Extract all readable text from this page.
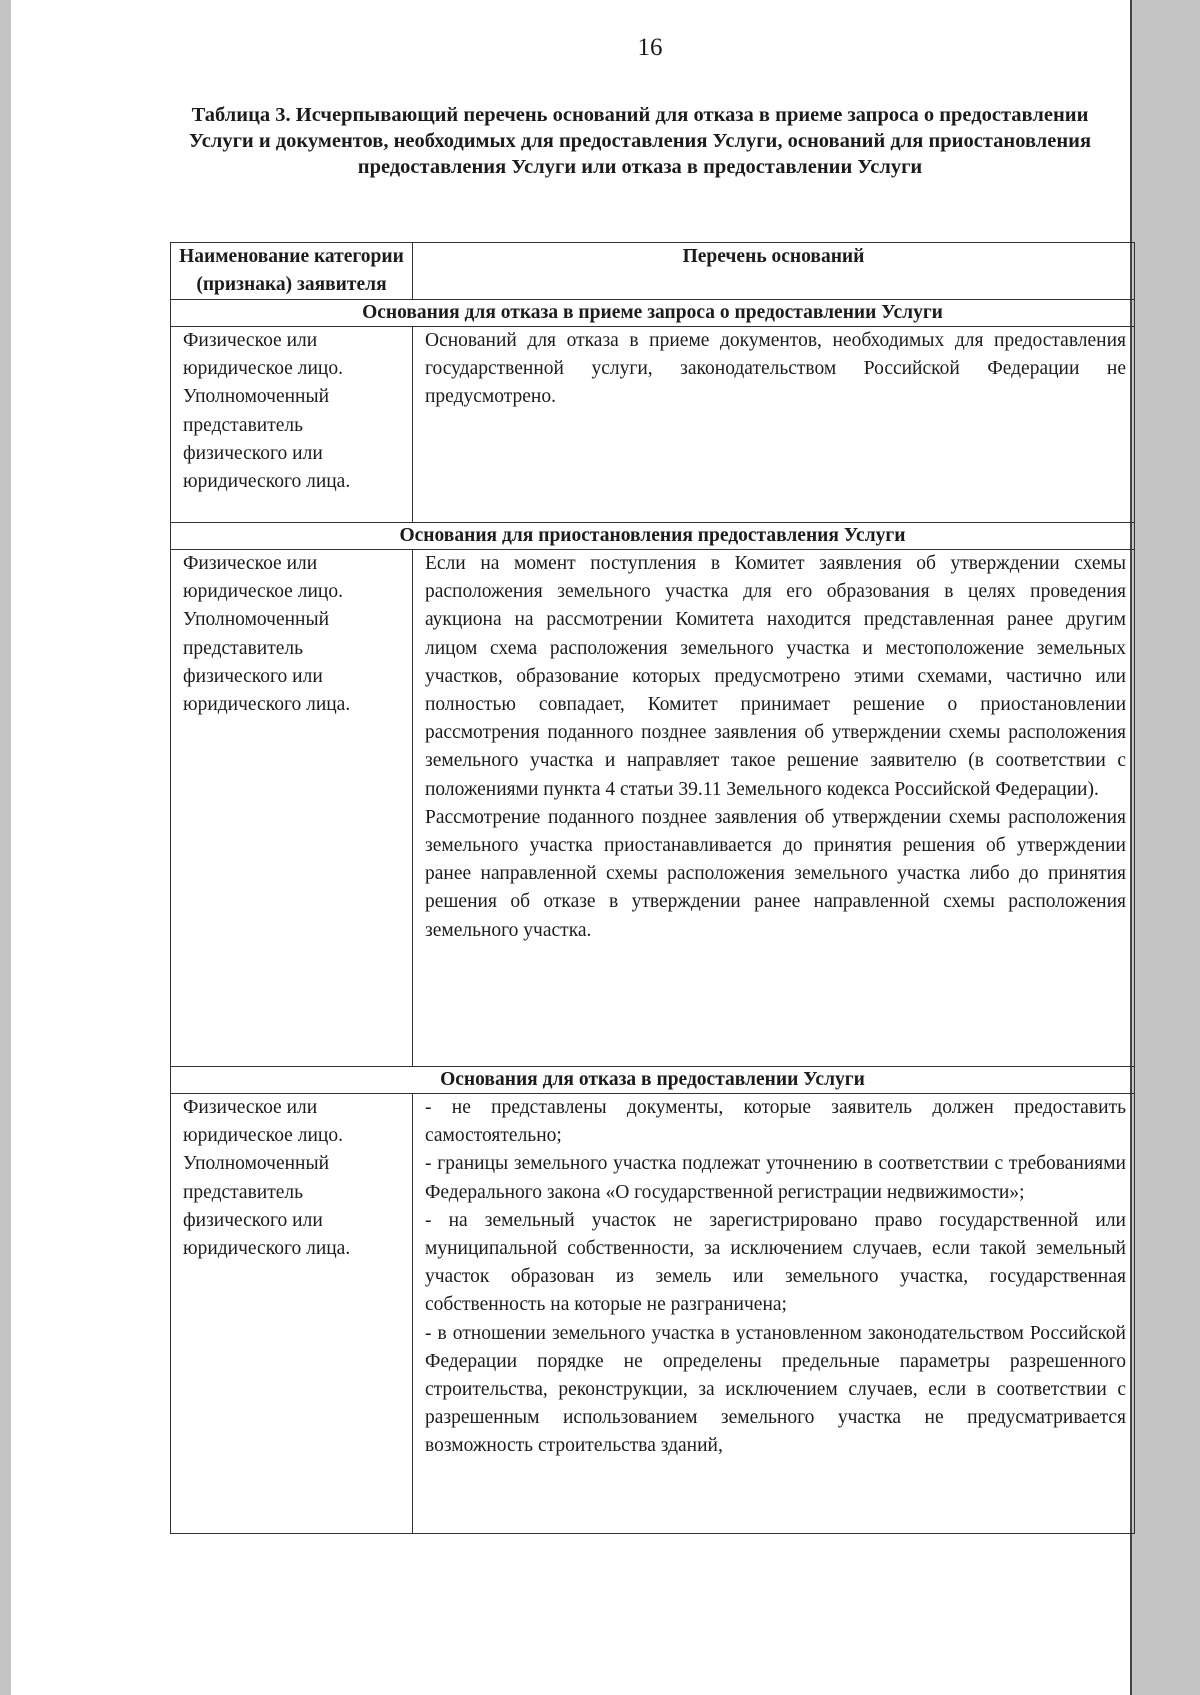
16
Таблица 3. Исчерпывающий перечень оснований для отказа в приеме запроса о предоставлении Услуги и документов, необходимых для предоставления Услуги, оснований для приостановления предоставления Услуги или отказа в предоставлении Услуги
Наименование категории (признака) заявителя	Перечень оснований
Основания для отказа в приеме запроса о предоставлении Услуги	
Физическое или юридическое лицо. Уполномоченный представитель физического или юридического лица.	Оснований для отказа в приеме документов, необходимых для предоставления государственной услуги, законодательством Российской Федерации не предусмотрено.

Основания для приостановления предоставления Услуги	
Физическое или юридическое лицо. Уполномоченный представитель физического или юридического лица.	Если на момент поступления в Комитет заявления об утверждении схемы расположения земельного участка для его образования в целях проведения аукциона на рассмотрении Комитета находится представленная ранее другим лицом схема расположения земельного участка и местоположение земельных участков, образование которых предусмотрено этими схемами, частично или полностью совпадает, Комитет принимает решение о приостановлении рассмотрения поданного позднее заявления об утверждении схемы расположения земельного участка и направляет такое решение заявителю (в соответствии с положениями пункта 4 статьи 39.11 Земельного кодекса Российской Федерации).

Рассмотрение поданного позднее заявления об утверждении схемы расположения земельного участка приостанавливается до принятия решения об утверждении ранее направленной схемы расположения земельного участка либо до принятия решения об отказе в утверждении ранее направленной схемы расположения земельного участка.

Основания для отказа в предоставлении Услуги	
Физическое или юридическое лицо. Уполномоченный представитель физического или юридического лица.	- не представлены документы, которые заявитель должен предоставить самостоятельно;

- границы земельного участка подлежат уточнению в соответствии с требованиями Федерального закона «О государственной регистрации недвижимости»;

- на земельный участок не зарегистрировано право государственной или муниципальной собственности, за исключением случаев, если такой земельный участок образован из земель или земельного участка, государственная собственность на которые не разграничена;

- в отношении земельного участка в установленном законодательством Российской Федерации порядке не определены предельные параметры разрешенного строительства, реконструкции, за исключением случаев, если в соответствии с разрешенным использованием земельного участка не предусматривается возможность строительства зданий,
